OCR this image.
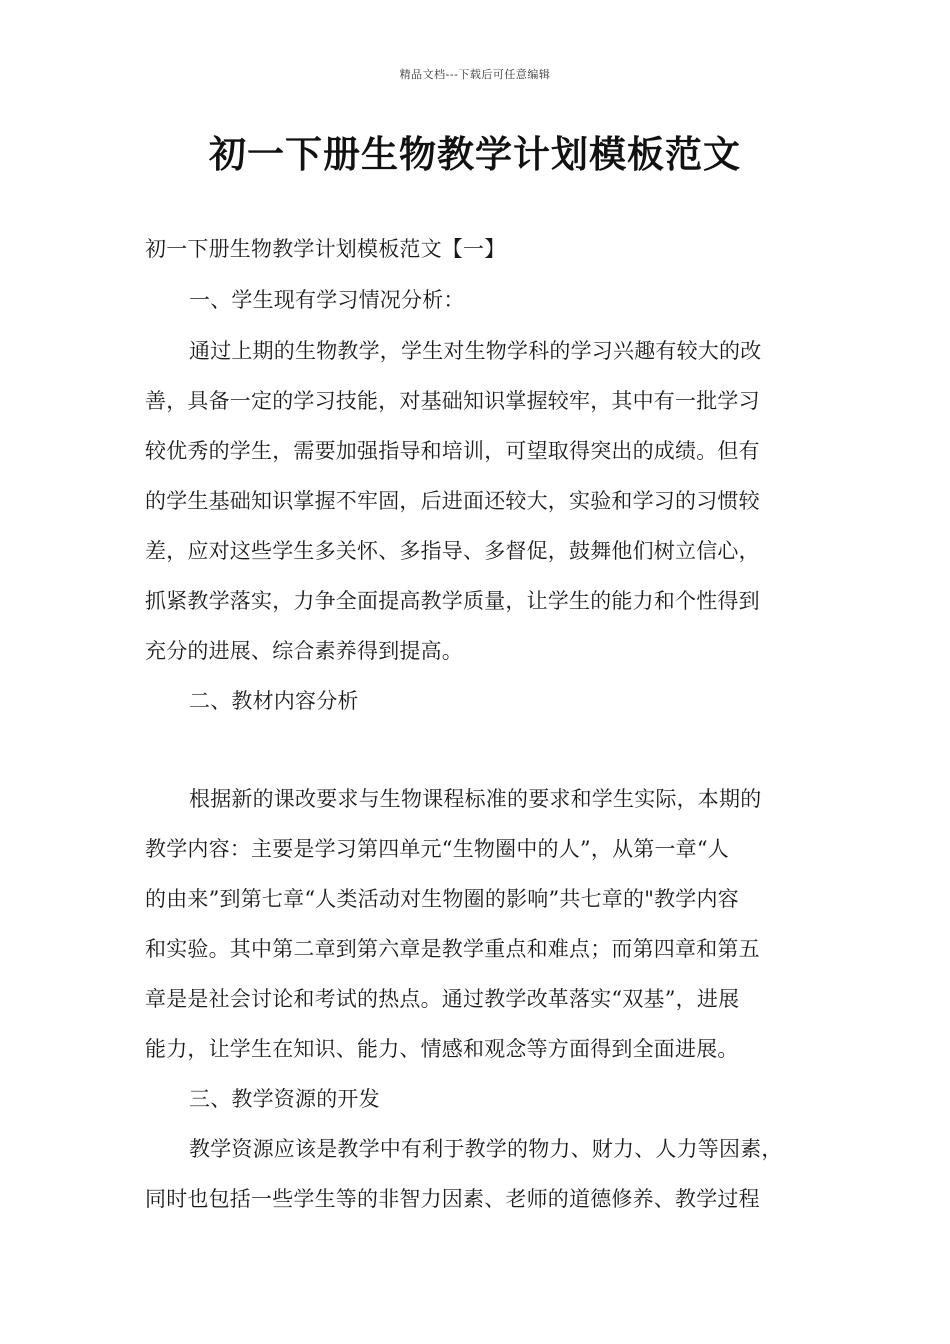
精品文档---下载后可任意编辑
初一下册生物教学计划模板范文
初一下册生物教学计划模板范文【一】
一、学生现有学习情况分析：
通过上期的生物教学，学生对生物学科的学习兴趣有较大的改
善，具备一定的学习技能，对基础知识掌握较牢，其中有一批学习
较优秀的学生，需要加强指导和培训，可望取得突出的成绩。但有
的学生基础知识掌握不牢固，后进面还较大，实验和学习的习惯较
差，应对这些学生多关怀、多指导、多督促，鼓舞他们树立信心，
抓紧教学落实，力争全面提高教学质量，让学生的能力和个性得到
充分的进展、综合素养得到提高。
二、教材内容分析
根据新的课改要求与生物课程标准的要求和学生实际，本期的
教学内容：主要是学习第四单元“生物圈中的人”，从第一章“人
的由来”到第七章“人类活动对生物圈的影响”共七章的"教学内容
和实验。其中第二章到第六章是教学重点和难点；而第四章和第五
章是是社会讨论和考试的热点。通过教学改革落实“双基”，进展
能力，让学生在知识、能力、情感和观念等方面得到全面进展。
三、教学资源的开发
教学资源应该是教学中有利于教学的物力、财力、人力等因素，
同时也包括一些学生等的非智力因素、老师的道德修养、教学过程
